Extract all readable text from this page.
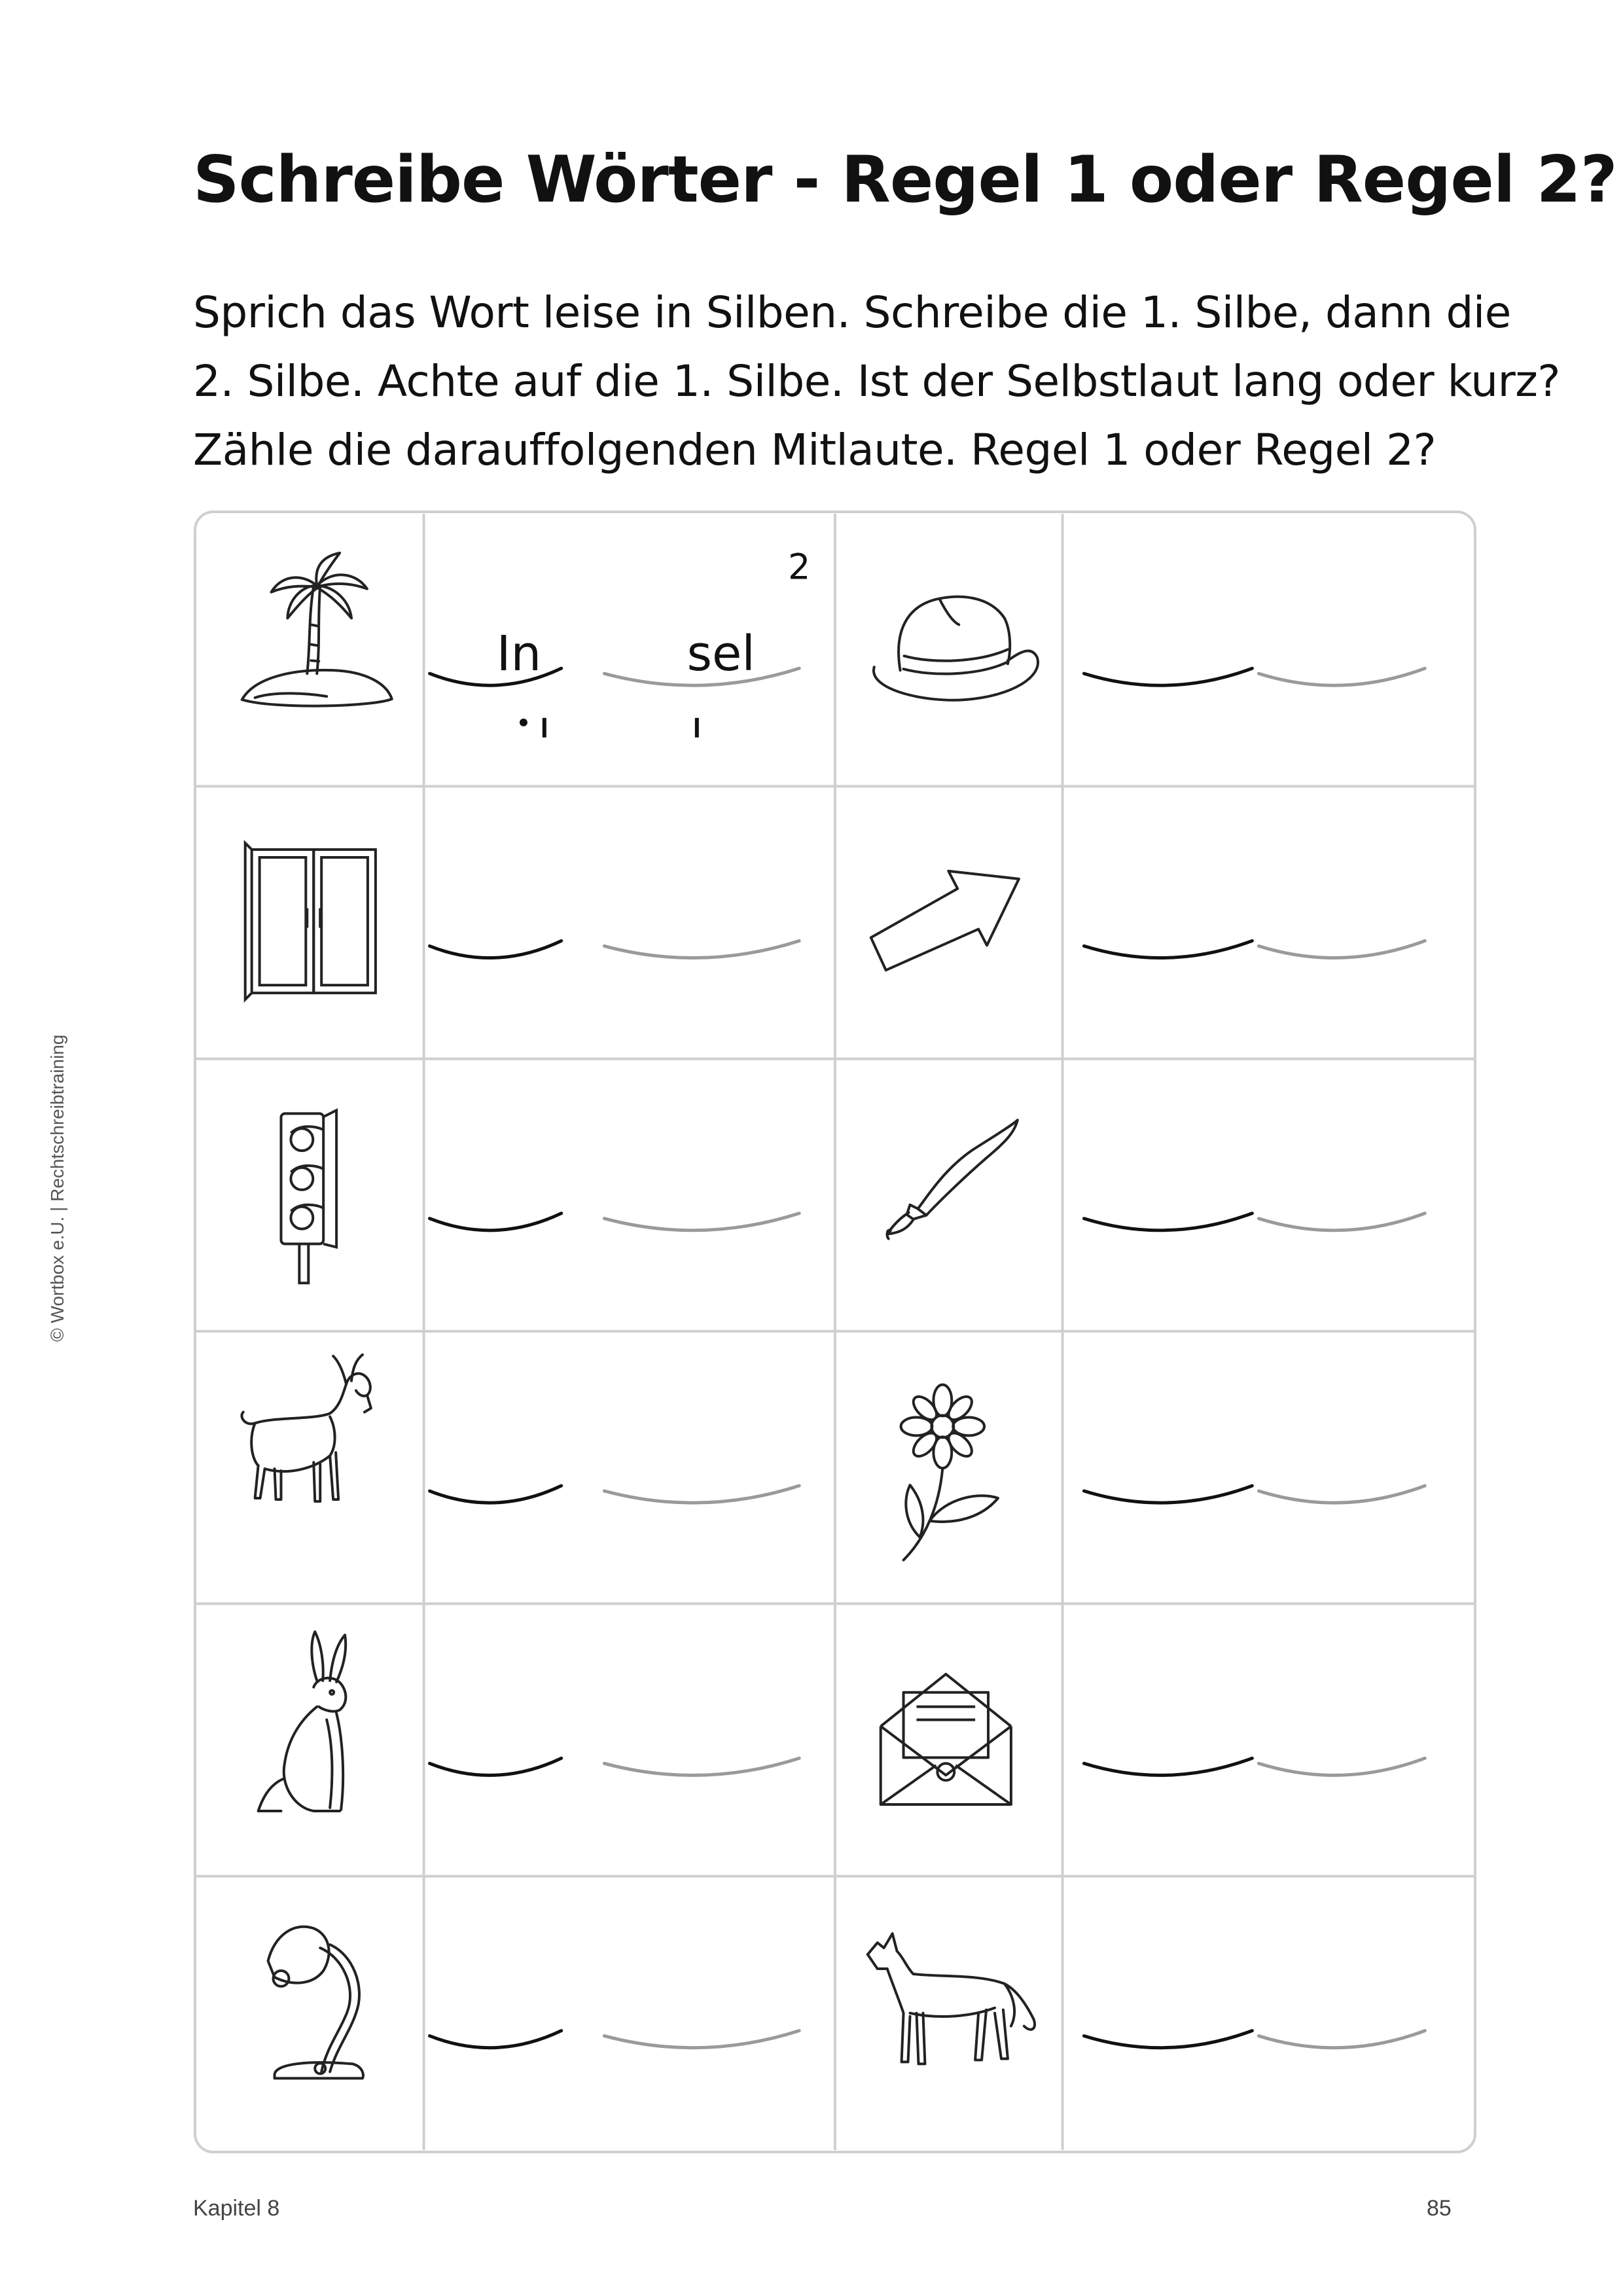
Schreibe Wörter - Regel 1 oder Regel 2?
Sprich das Wort leise in Silben. Schreibe die 1. Silbe, dann die
2. Silbe. Achte auf die 1. Silbe. Ist der Selbstlaut lang oder kurz?
Zähle die darauffolgenden Mitlaute. Regel 1 oder Regel 2?
© Wortbox e.U. | Rechtschreibtraining
In	sel
2
Kapitel 8	85
